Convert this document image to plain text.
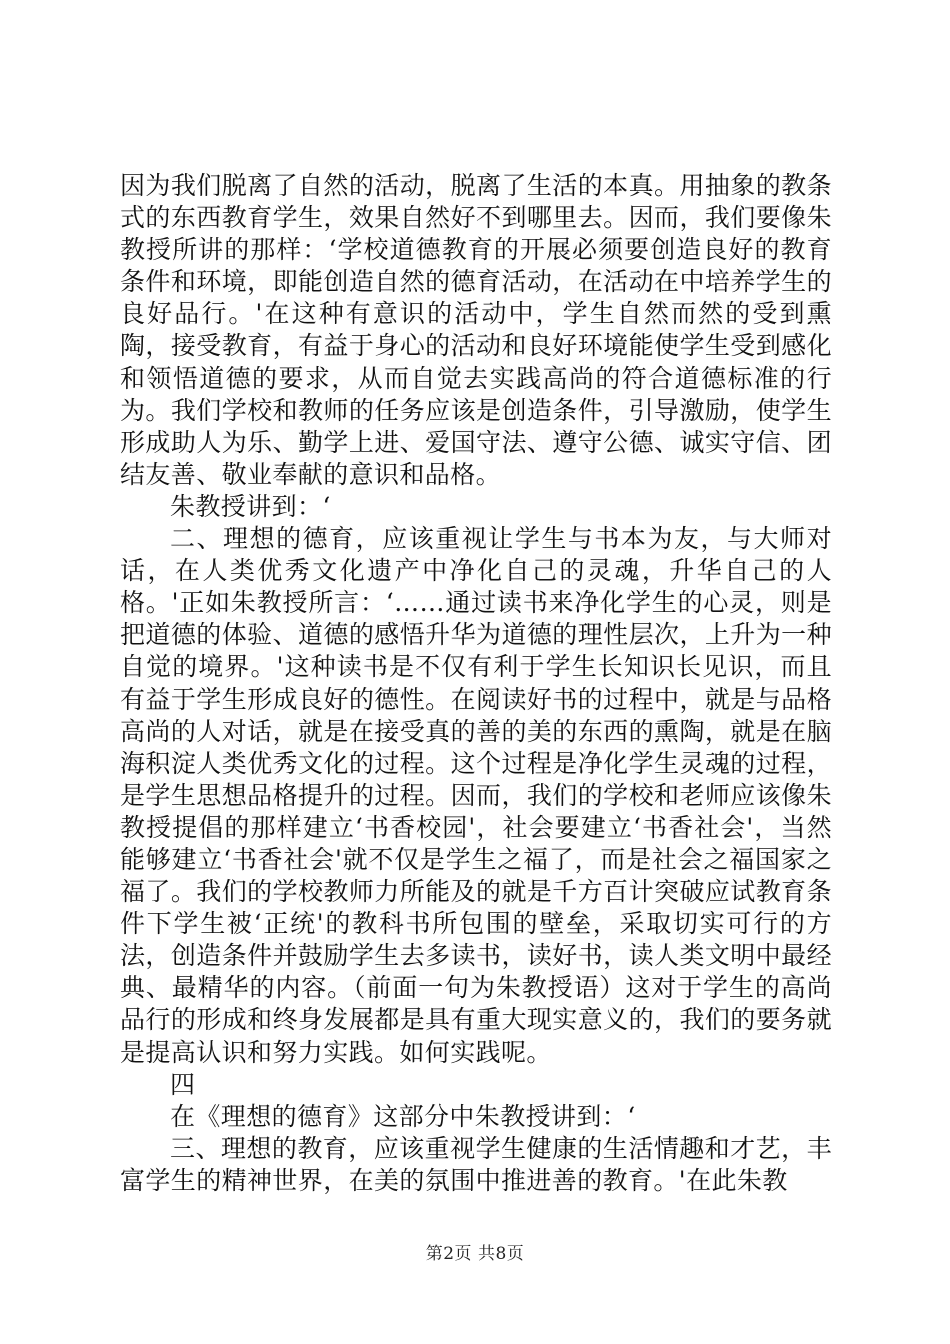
因为我们脱离了自然的活动，脱离了生活的本真。用抽象的教条式的东西教育学生，效果自然好不到哪里去。因而，我们要像朱教授所讲的那样：‘学校道德教育的开展必须要创造良好的教育条件和环境，即能创造自然的德育活动，在活动在中培养学生的良好品行。'在这种有意识的活动中，学生自然而然的受到熏陶，接受教育，有益于身心的活动和良好环境能使学生受到感化和领悟道德的要求，从而自觉去实践高尚的符合道德标准的行为。我们学校和教师的任务应该是创造条件，引导激励，使学生形成助人为乐、勤学上进、爱国守法、遵守公德、诚实守信、团结友善、敬业奉献的意识和品格。

朱教授讲到：‘

二、理想的德育，应该重视让学生与书本为友，与大师对话，在人类优秀文化遗产中净化自己的灵魂，升华自己的人格。'正如朱教授所言：‘……通过读书来净化学生的心灵，则是把道德的体验、道德的感悟升华为道德的理性层次，上升为一种自觉的境界。'这种读书是不仅有利于学生长知识长见识，而且有益于学生形成良好的德性。在阅读好书的过程中，就是与品格高尚的人对话，就是在接受真的善的美的东西的熏陶，就是在脑海积淀人类优秀文化的过程。这个过程是净化学生灵魂的过程，是学生思想品格提升的过程。因而，我们的学校和老师应该像朱教授提倡的那样建立‘书香校园'，社会要建立‘书香社会'，当然能够建立‘书香社会'就不仅是学生之福了，而是社会之福国家之福了。我们的学校教师力所能及的就是千方百计突破应试教育条件下学生被‘正统'的教科书所包围的壁垒，采取切实可行的方法，创造条件并鼓励学生去多读书，读好书，读人类文明中最经典、最精华的内容。（前面一句为朱教授语）这对于学生的高尚品行的形成和终身发展都是具有重大现实意义的，我们的要务就是提高认识和努力实践。如何实践呢。

四

在《理想的德育》这部分中朱教授讲到：‘

三、理想的教育，应该重视学生健康的生活情趣和才艺，丰富学生的精神世界，在美的氛围中推进善的教育。'在此朱教

第2页 共8页
